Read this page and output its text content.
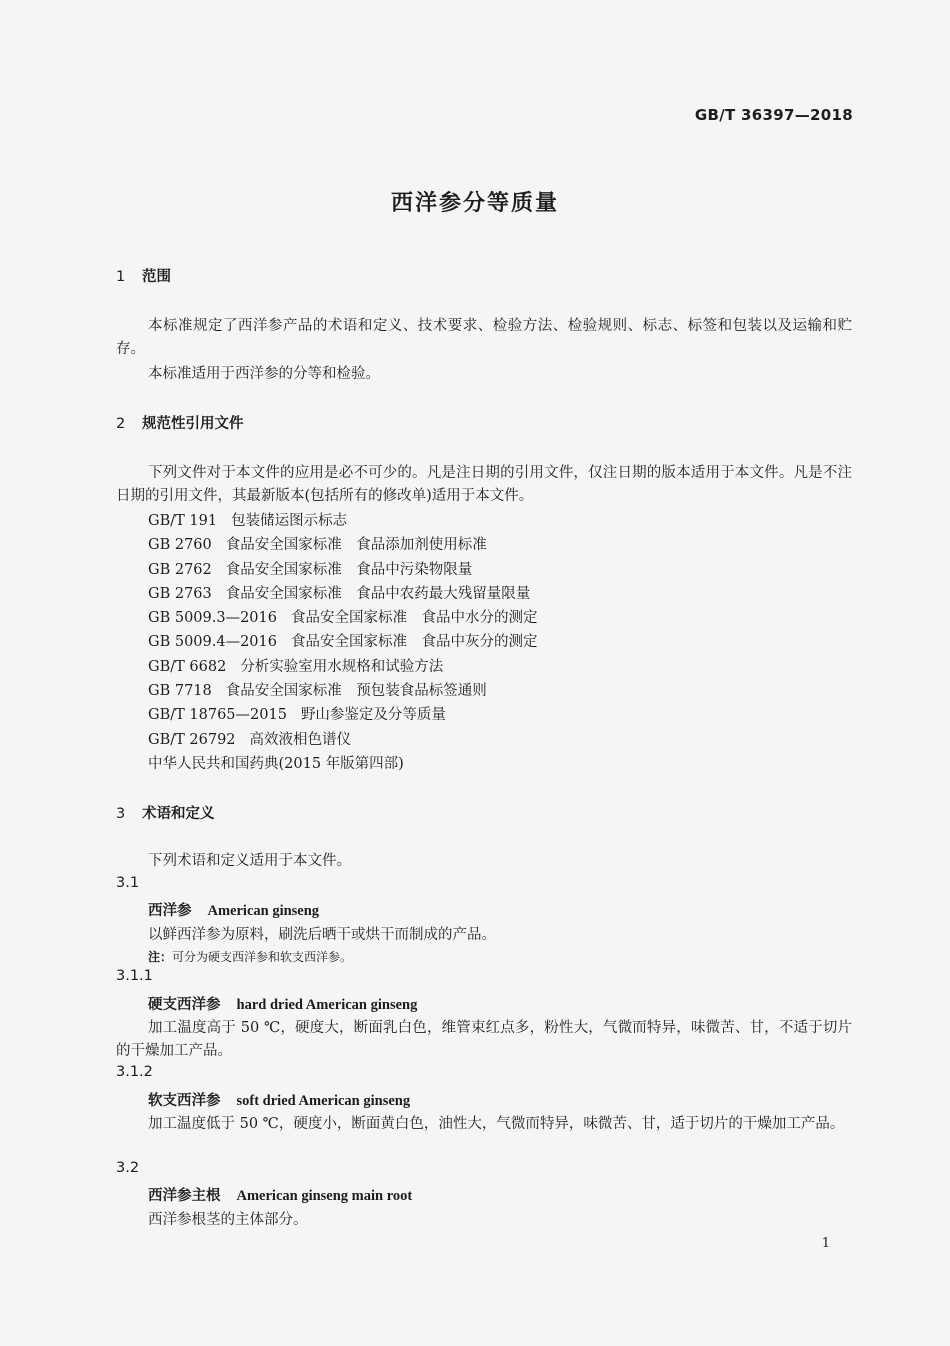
GB/T 36397—2018
西洋参分等质量
1 范围
本标准规定了西洋参产品的术语和定义、技术要求、检验方法、检验规则、标志、标签和包装以及运输和贮存。
本标准适用于西洋参的分等和检验。
2 规范性引用文件
下列文件对于本文件的应用是必不可少的。凡是注日期的引用文件，仅注日期的版本适用于本文件。凡是不注日期的引用文件，其最新版本(包括所有的修改单)适用于本文件。
GB/T 191 包装储运图示标志
GB 2760 食品安全国家标准　食品添加剂使用标准
GB 2762 食品安全国家标准　食品中污染物限量
GB 2763 食品安全国家标准　食品中农药最大残留量限量
GB 5009.3—2016 食品安全国家标准　食品中水分的测定
GB 5009.4—2016 食品安全国家标准　食品中灰分的测定
GB/T 6682 分析实验室用水规格和试验方法
GB 7718 食品安全国家标准　预包装食品标签通则
GB/T 18765—2015 野山参鉴定及分等质量
GB/T 26792 高效液相色谱仪
中华人民共和国药典(2015 年版第四部)
3 术语和定义
下列术语和定义适用于本文件。
3.1
西洋参 American ginseng
以鲜西洋参为原料，刷洗后晒干或烘干而制成的产品。
注：可分为硬支西洋参和软支西洋参。
3.1.1
硬支西洋参 hard dried American ginseng
加工温度高于 50 ℃，硬度大，断面乳白色，维管束红点多，粉性大，气微而特异，味微苦、甘，不适于切片的干燥加工产品。
3.1.2
软支西洋参 soft dried American ginseng
加工温度低于 50 ℃，硬度小，断面黄白色，油性大，气微而特异，味微苦、甘，适于切片的干燥加工产品。
3.2
西洋参主根 American ginseng main root
西洋参根茎的主体部分。
1
